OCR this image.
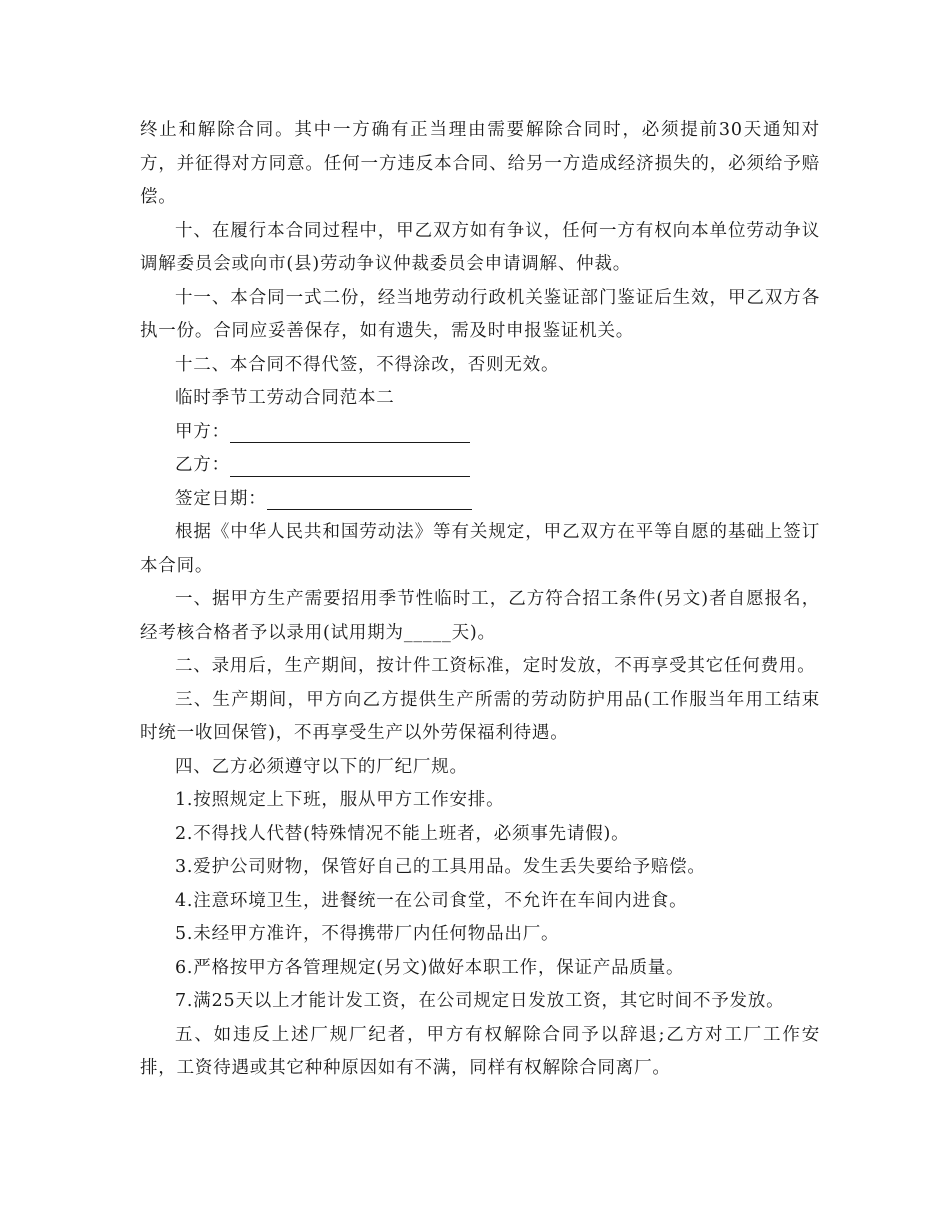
终止和解除合同。其中一方确有正当理由需要解除合同时，必须提前30天通知对方，并征得对方同意。任何一方违反本合同、给另一方造成经济损失的，必须给予赔偿。

十、在履行本合同过程中，甲乙双方如有争议，任何一方有权向本单位劳动争议调解委员会或向市(县)劳动争议仲裁委员会申请调解、仲裁。

十一、本合同一式二份，经当地劳动行政机关鉴证部门鉴证后生效，甲乙双方各执一份。合同应妥善保存，如有遗失，需及时申报鉴证机关。

十二、本合同不得代签，不得涂改，否则无效。

临时季节工劳动合同范本二

甲方：
乙方：
签定日期：

根据《中华人民共和国劳动法》等有关规定，甲乙双方在平等自愿的基础上签订本合同。

一、据甲方生产需要招用季节性临时工，乙方符合招工条件(另文)者自愿报名，经考核合格者予以录用(试用期为_____天)。

二、录用后，生产期间，按计件工资标准，定时发放，不再享受其它任何费用。

三、生产期间，甲方向乙方提供生产所需的劳动防护用品(工作服当年用工结束时统一收回保管)，不再享受生产以外劳保福利待遇。

四、乙方必须遵守以下的厂纪厂规。

1.按照规定上下班，服从甲方工作安排。

2.不得找人代替(特殊情况不能上班者，必须事先请假)。

3.爱护公司财物，保管好自己的工具用品。发生丢失要给予赔偿。

4.注意环境卫生，进餐统一在公司食堂，不允许在车间内进食。

5.未经甲方准许，不得携带厂内任何物品出厂。

6.严格按甲方各管理规定(另文)做好本职工作，保证产品质量。

7.满25天以上才能计发工资，在公司规定日发放工资，其它时间不予发放。

五、如违反上述厂规厂纪者，甲方有权解除合同予以辞退;乙方对工厂工作安排，工资待遇或其它种种原因如有不满，同样有权解除合同离厂。
